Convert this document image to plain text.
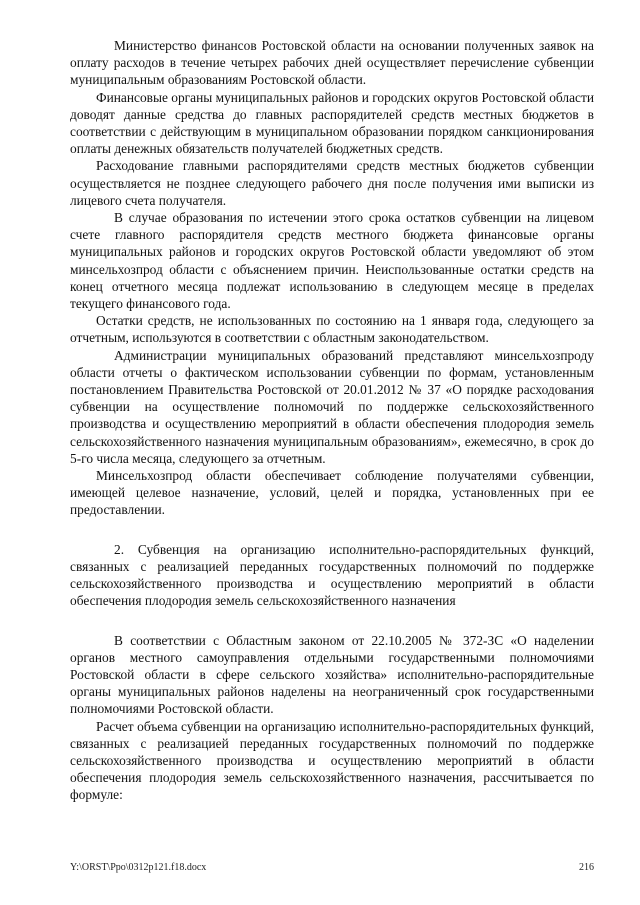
Министерство финансов Ростовской области на основании полученных заявок на оплату расходов в течение четырех рабочих дней осуществляет перечисление субвенции муниципальным образованиям Ростовской области.

Финансовые органы муниципальных районов и городских округов Ростовской области доводят данные средства до главных распорядителей средств местных бюджетов в соответствии с действующим в муниципальном образовании порядком санкционирования оплаты денежных обязательств получателей бюджетных средств.

Расходование главными распорядителями средств местных бюджетов субвенции осуществляется не позднее следующего рабочего дня после получения ими выписки из лицевого счета получателя.

В случае образования по истечении этого срока остатков субвенции на лицевом счете главного распорядителя средств местного бюджета финансовые органы муниципальных районов и городских округов Ростовской области уведомляют об этом минсельхозпрод области с объяснением причин. Неиспользованные остатки средств на конец отчетного месяца подлежат использованию в следующем месяце в пределах текущего финансового года.

Остатки средств, не использованных по состоянию на 1 января года, следующего за отчетным, используются в соответствии с областным законодательством.

Администрации муниципальных образований представляют минсельхозпроду области отчеты о фактическом использовании субвенции по формам, установленным постановлением Правительства Ростовской от 20.01.2012 № 37 «О порядке расходования субвенции на осуществление полномочий по поддержке сельскохозяйственного производства и осуществлению мероприятий в области обеспечения плодородия земель сельскохозяйственного назначения муниципальным образованиям», ежемесячно, в срок до 5-го числа месяца, следующего за отчетным.

Минсельхозпрод области обеспечивает соблюдение получателями субвенции, имеющей целевое назначение, условий, целей и порядка, установленных при ее предоставлении.

2. Субвенция на организацию исполнительно-распорядительных функций, связанных с реализацией переданных государственных полномочий по поддержке сельскохозяйственного производства и осуществлению мероприятий в области обеспечения плодородия земель сельскохозяйственного назначения

В соответствии с Областным законом от 22.10.2005 № 372-ЗС «О наделении органов местного самоуправления отдельными государственными полномочиями Ростовской области в сфере сельского хозяйства» исполнительно-распорядительные органы муниципальных районов наделены на неограниченный срок государственными полномочиями Ростовской области.

Расчет объема субвенции на организацию исполнительно-распорядительных функций, связанных с реализацией переданных государственных полномочий по поддержке сельскохозяйственного производства и осуществлению мероприятий в области обеспечения плодородия земель сельскохозяйственного назначения, рассчитывается по формуле:

Y:\ORST\Ppo\0312p121.f18.docx	216
